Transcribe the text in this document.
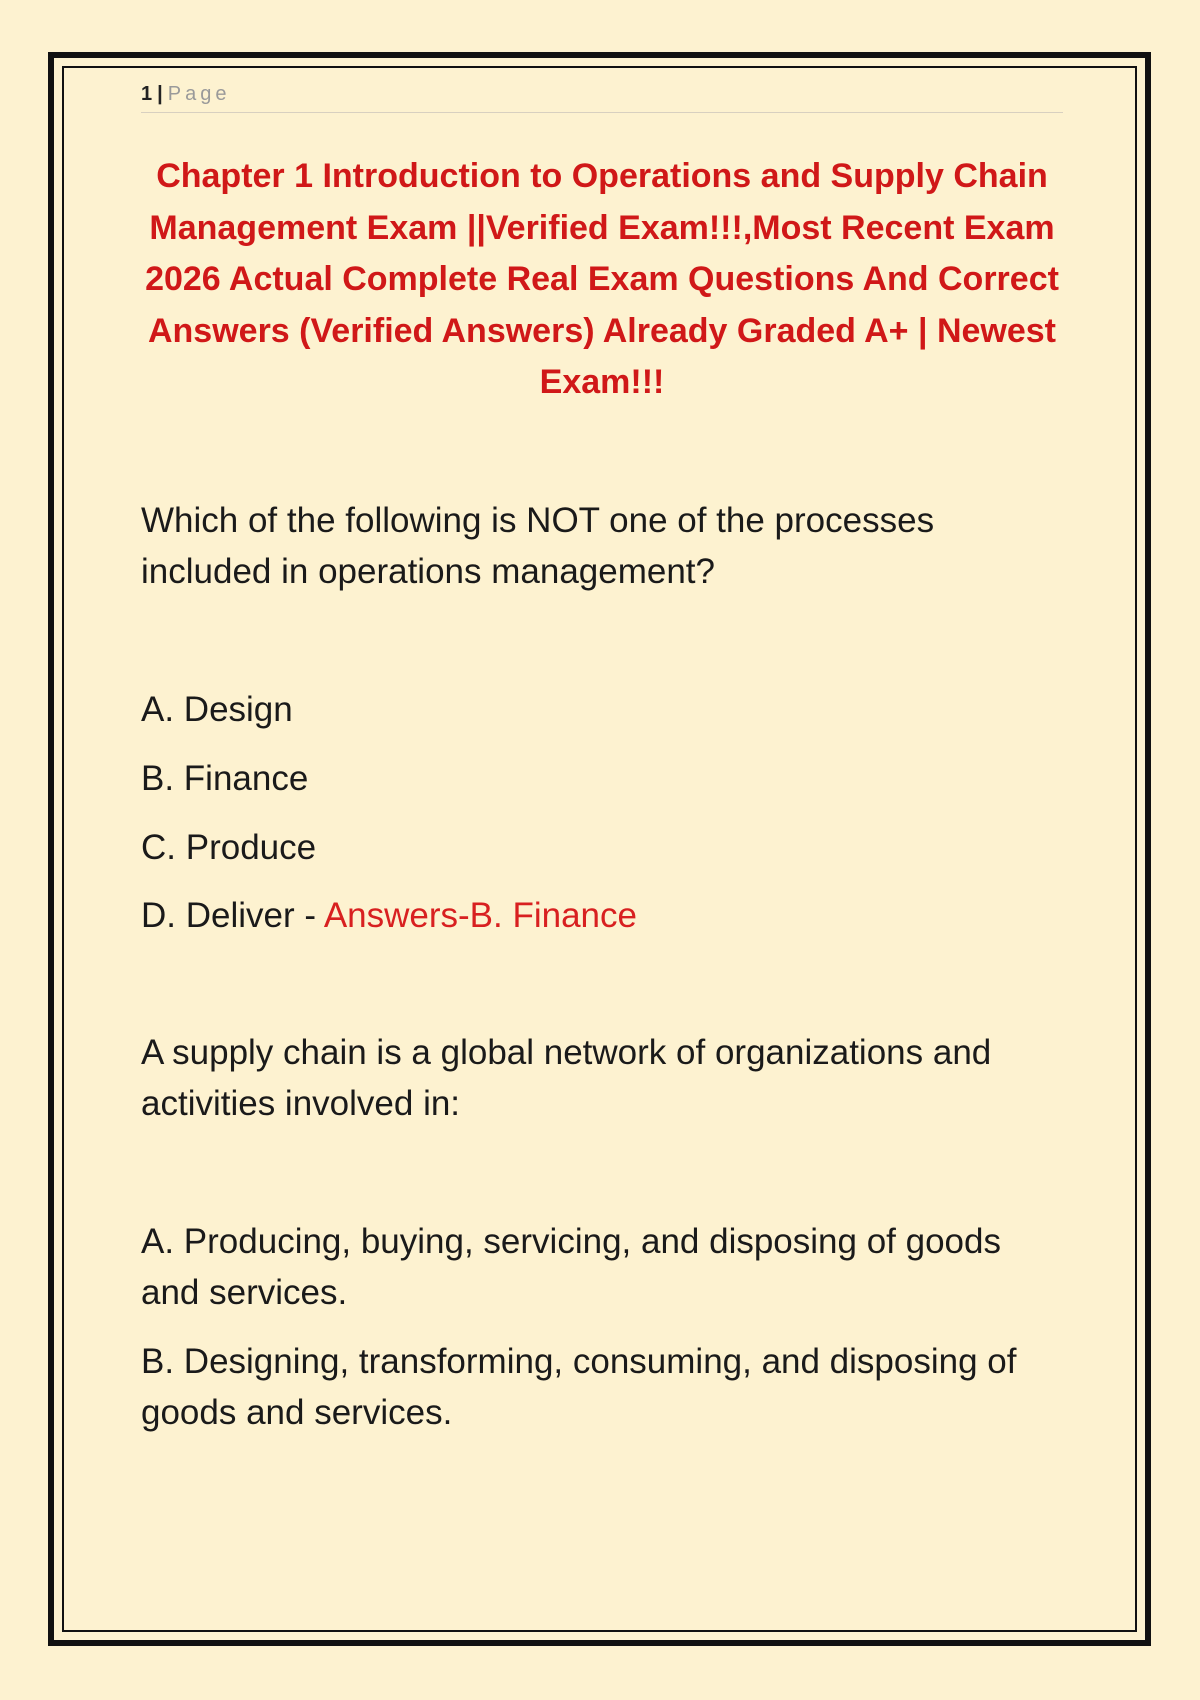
1 | Page
Chapter 1 Introduction to Operations and Supply Chain Management Exam ||Verified Exam!!!,Most Recent Exam 2026 Actual Complete Real Exam Questions And Correct Answers (Verified Answers) Already Graded A+ | Newest Exam!!!

Which of the following is NOT one of the processes included in operations management?

A. Design

B. Finance

C. Produce

D. Deliver - Answers-B. Finance

A supply chain is a global network of organizations and activities involved in:

A. Producing, buying, servicing, and disposing of goods and services.

B. Designing, transforming, consuming, and disposing of goods and services.
